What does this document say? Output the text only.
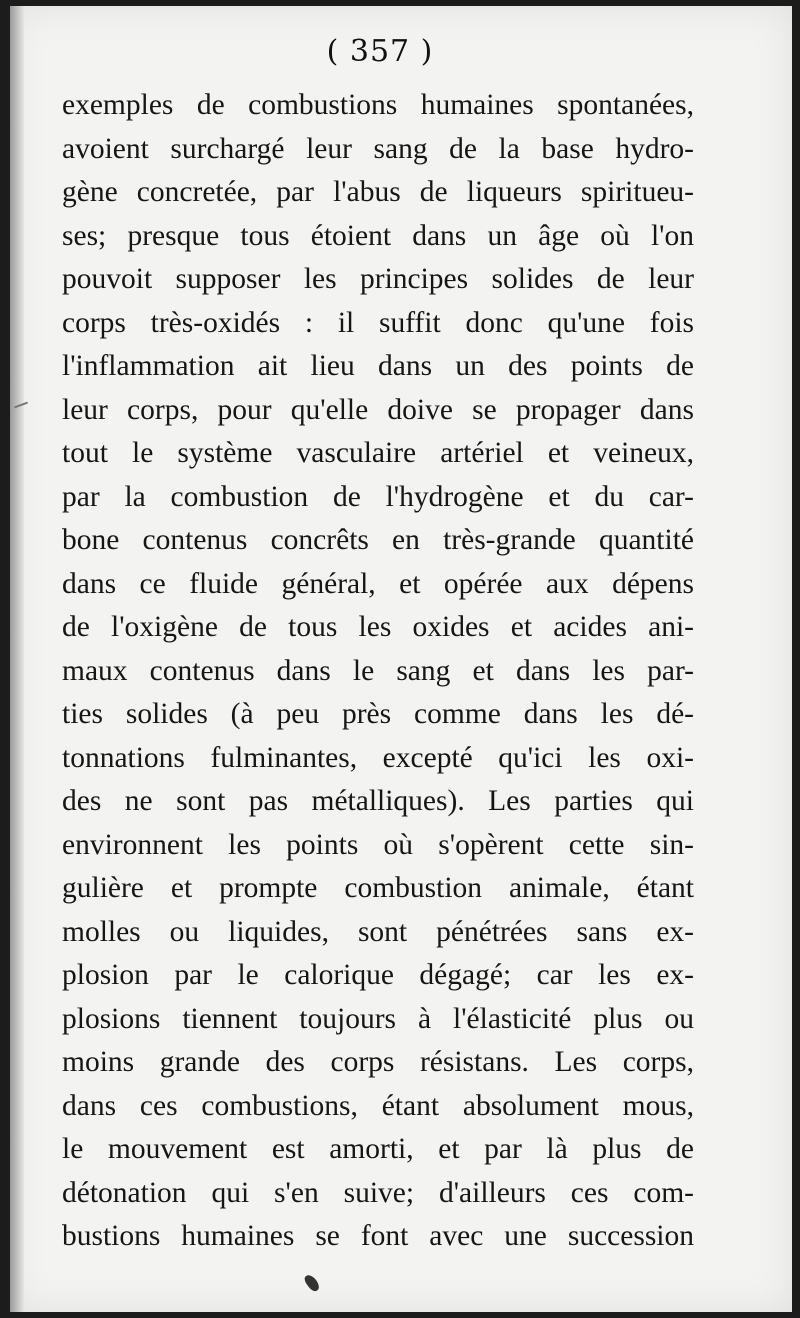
( 357 )
exemples de combustions humaines spontanées,
avoient surchargé leur sang de la base hydro-
gène concretée, par l'abus de liqueurs spiritueu-
ses; presque tous étoient dans un âge où l'on
pouvoit supposer les principes solides de leur
corps très-oxidés : il suffit donc qu'une fois
l'inflammation ait lieu dans un des points de
leur corps, pour qu'elle doive se propager dans
tout le système vasculaire artériel et veineux,
par la combustion de l'hydrogène et du car-
bone contenus concrêts en très-grande quantité
dans ce fluide général, et opérée aux dépens
de l'oxigène de tous les oxides et acides ani-
maux contenus dans le sang et dans les par-
ties solides (à peu près comme dans les dé-
tonnations fulminantes, excepté qu'ici les oxi-
des ne sont pas métalliques). Les parties qui
environnent les points où s'opèrent cette sin-
gulière et prompte combustion animale, étant
molles ou liquides, sont pénétrées sans ex-
plosion par le calorique dégagé; car les ex-
plosions tiennent toujours à l'élasticité plus ou
moins grande des corps résistans. Les corps,
dans ces combustions, étant absolument mous,
le mouvement est amorti, et par là plus de
détonation qui s'en suive; d'ailleurs ces com-
bustions humaines se font avec une succession
